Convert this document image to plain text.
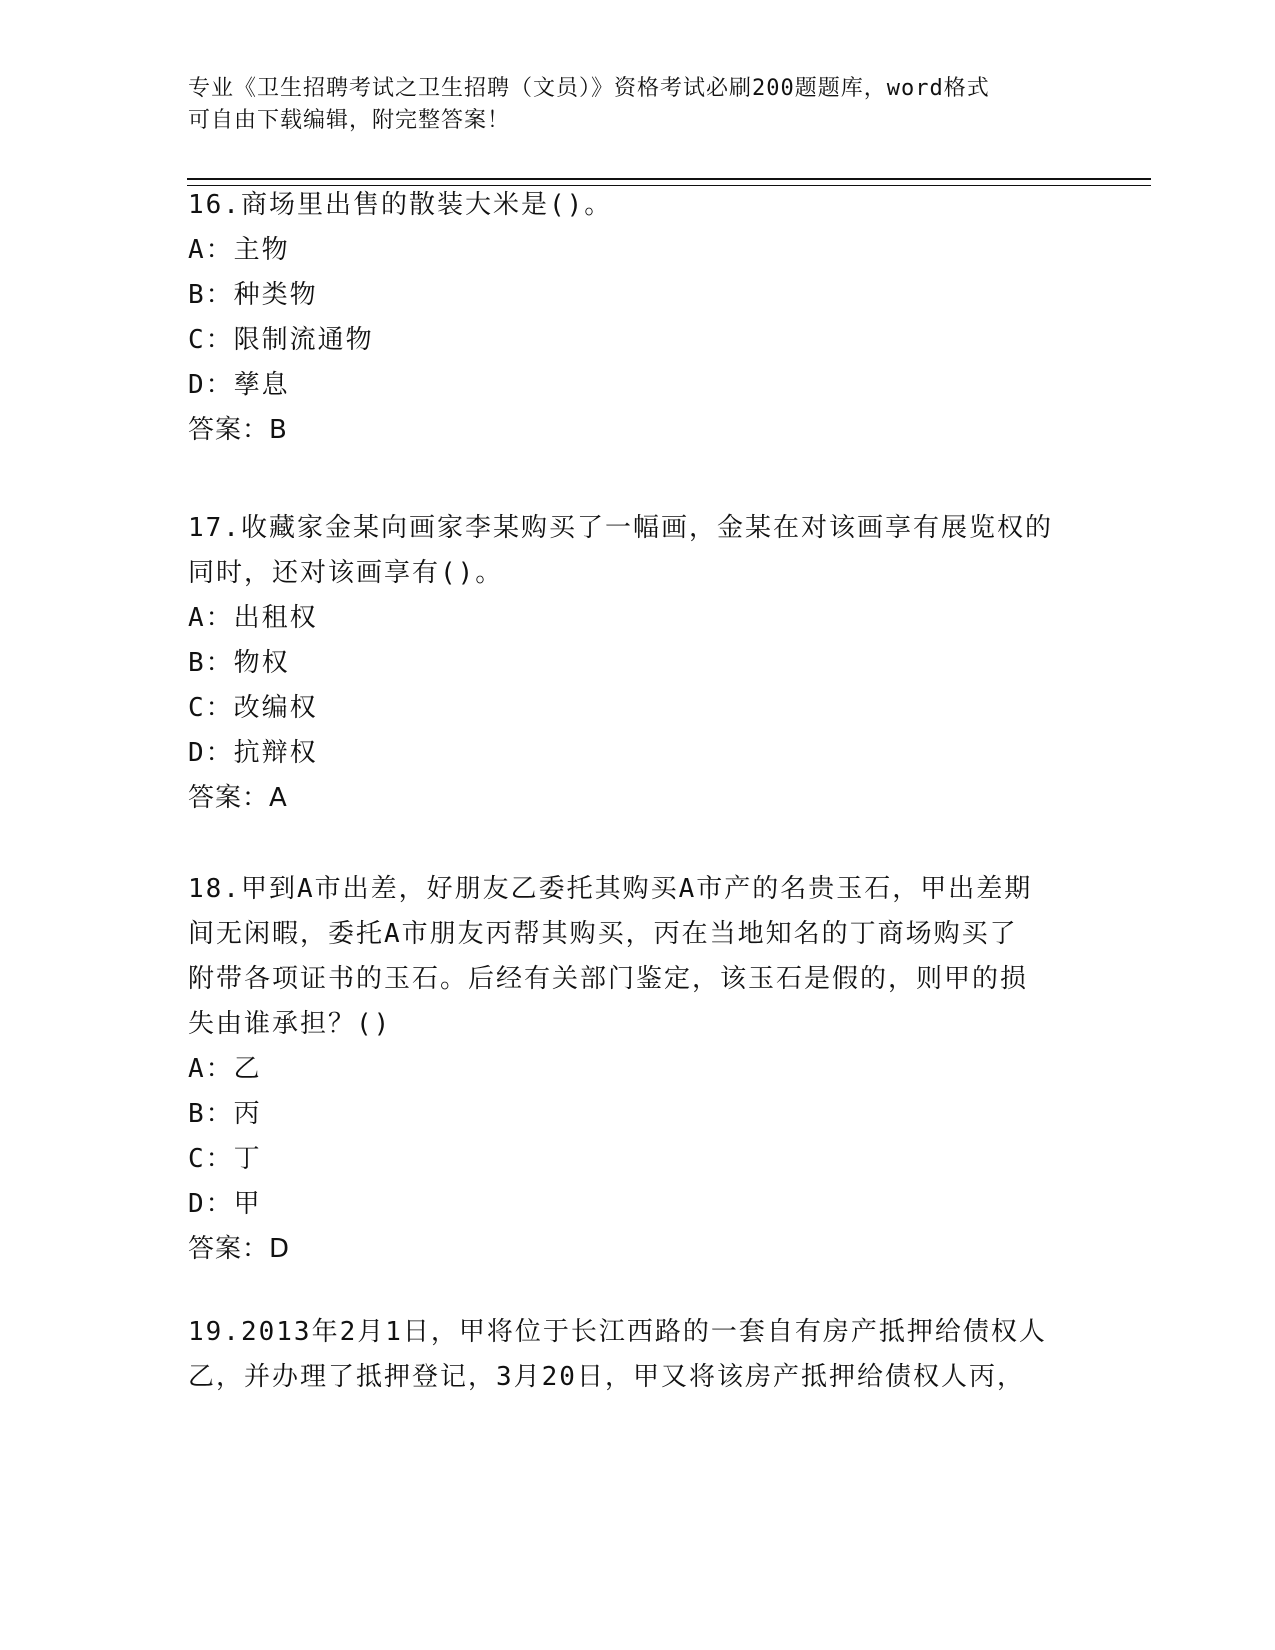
专业《卫生招聘考试之卫生招聘（文员）》资格考试必刷200题题库，word格式
可自由下载编辑，附完整答案！
16.商场里出售的散装大米是()。
A：主物
B：种类物
C：限制流通物
D：孳息
答案：B
17.收藏家金某向画家李某购买了一幅画，金某在对该画享有展览权的
同时，还对该画享有()。
A：出租权
B：物权
C：改编权
D：抗辩权
答案：A
18.甲到A市出差，好朋友乙委托其购买A市产的名贵玉石，甲出差期
间无闲暇，委托A市朋友丙帮其购买，丙在当地知名的丁商场购买了
附带各项证书的玉石。后经有关部门鉴定，该玉石是假的，则甲的损
失由谁承担？()
A：乙
B：丙
C：丁
D：甲
答案：D
19.2013年2月1日，甲将位于长江西路的一套自有房产抵押给债权人
乙，并办理了抵押登记，3月20日，甲又将该房产抵押给债权人丙，
